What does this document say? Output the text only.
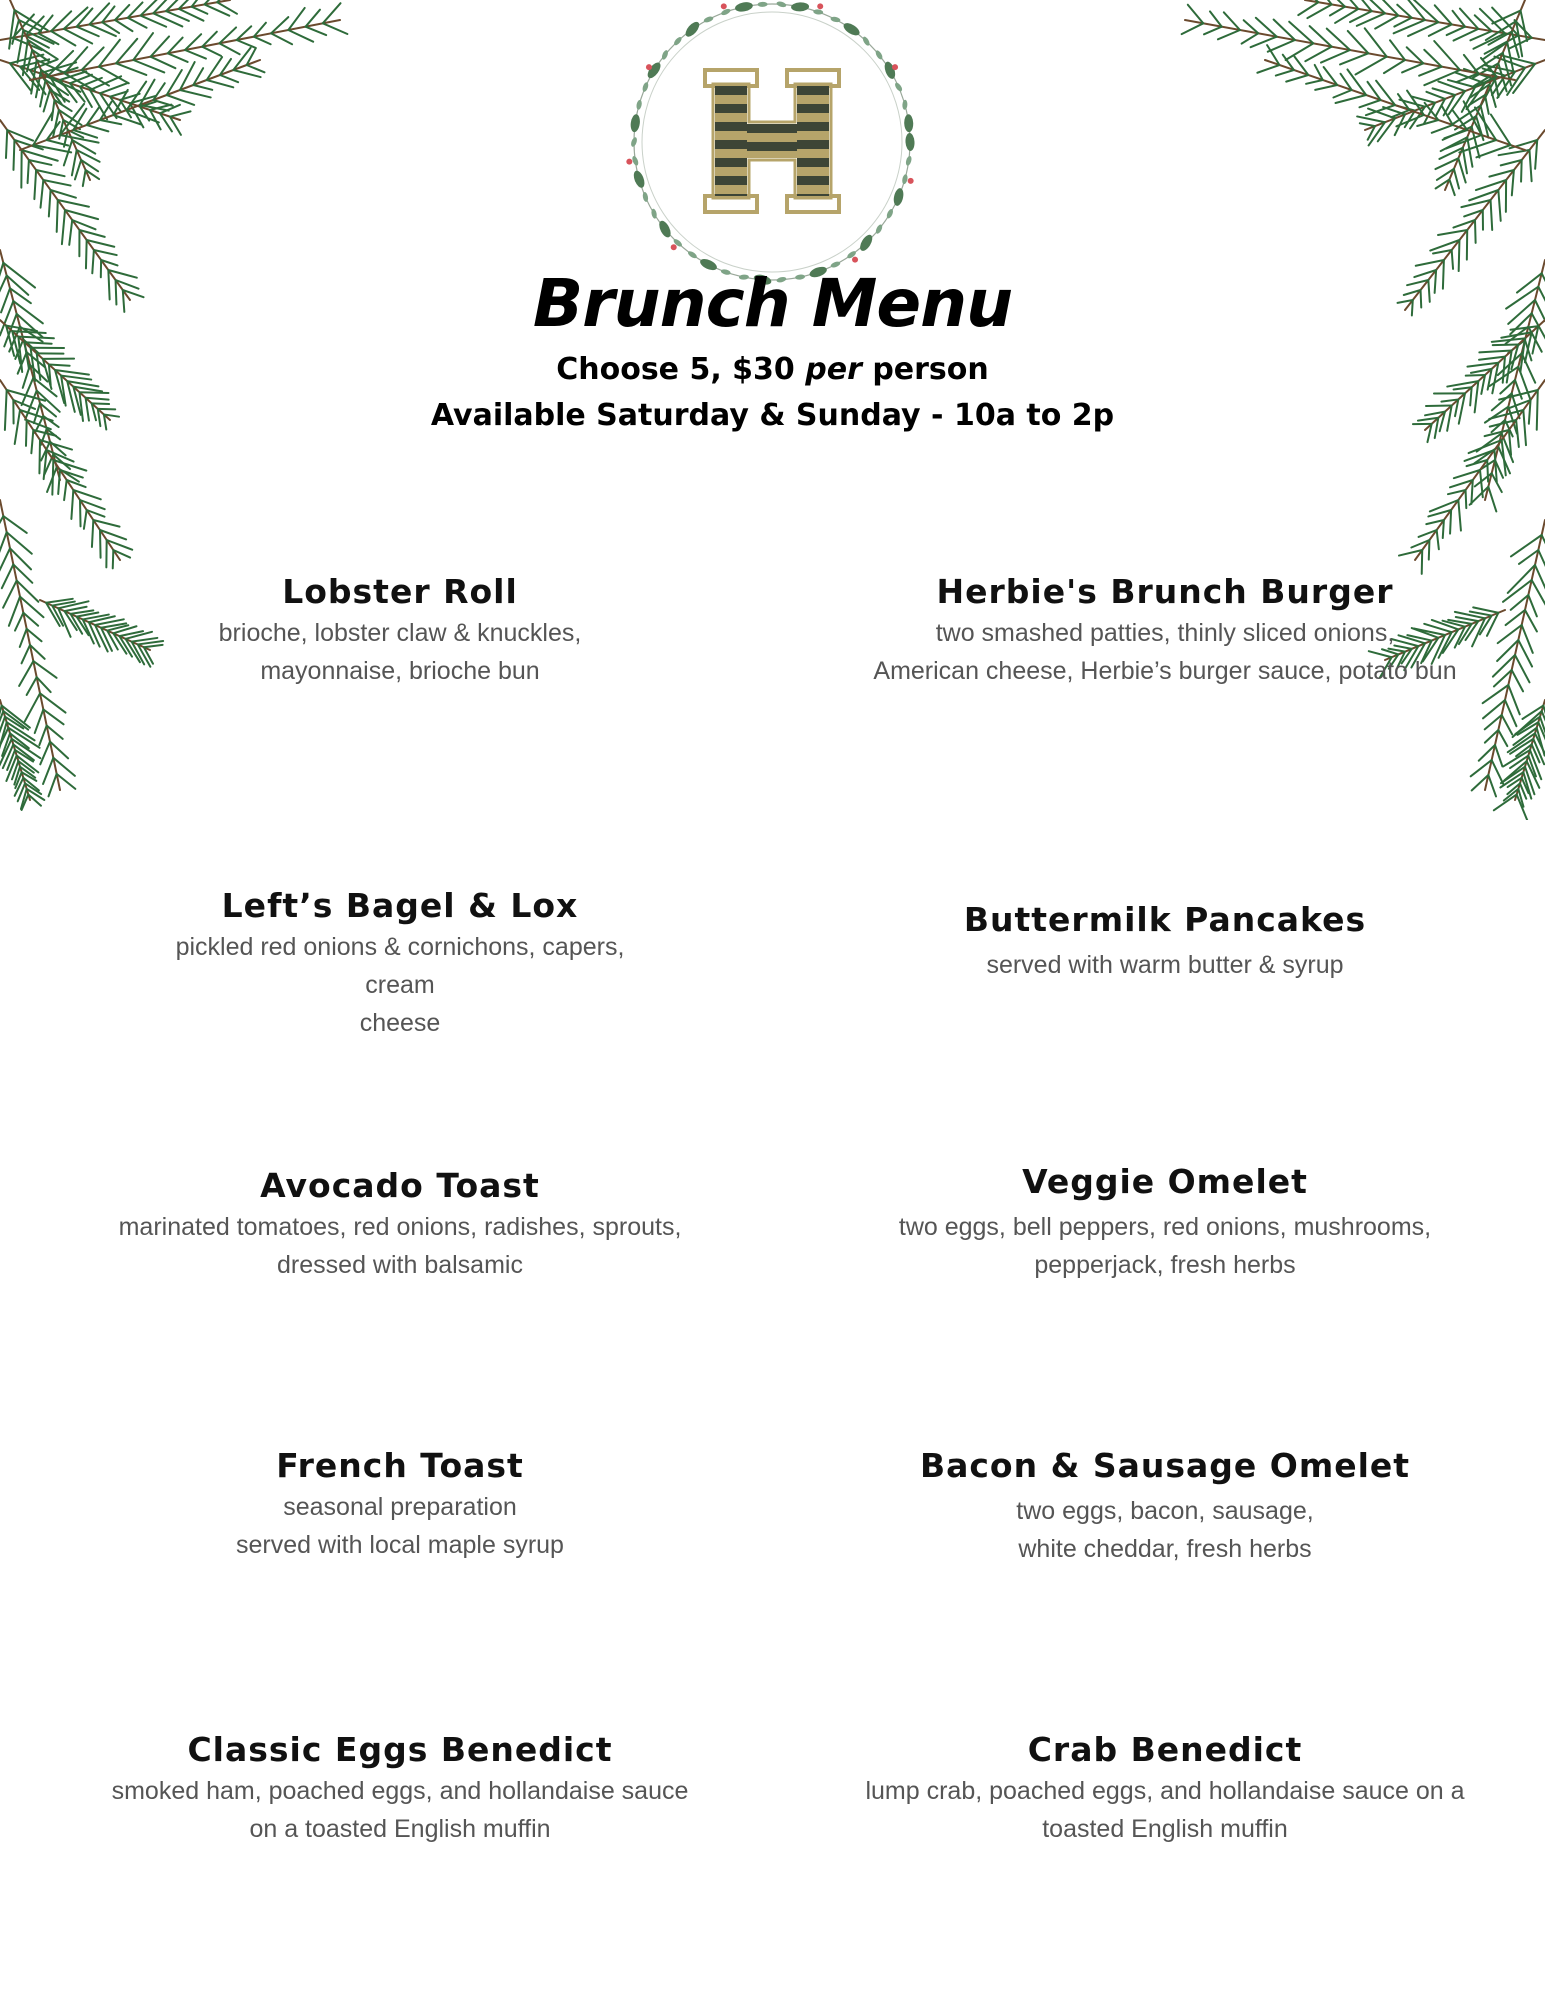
Brunch Menu
Choose 5, $30 per person
Available Saturday & Sunday - 10a to 2p
Lobster Roll
brioche, lobster claw & knuckles,
mayonnaise, brioche bun
Herbie's Brunch Burger
two smashed patties, thinly sliced onions,
American cheese, Herbie’s burger sauce, potato bun
Left’s Bagel & Lox
pickled red onions & cornichons, capers,
cream
cheese
Buttermilk Pancakes
served with warm butter & syrup
Avocado Toast
marinated tomatoes, red onions, radishes, sprouts,
dressed with balsamic
Veggie Omelet
two eggs, bell peppers, red onions, mushrooms,
pepperjack, fresh herbs
French Toast
seasonal preparation
served with local maple syrup
Bacon & Sausage Omelet
two eggs, bacon, sausage,
white cheddar, fresh herbs
Classic Eggs Benedict
smoked ham, poached eggs, and hollandaise sauce
on a toasted English muffin
Crab Benedict
lump crab, poached eggs, and hollandaise sauce on a
toasted English muffin
